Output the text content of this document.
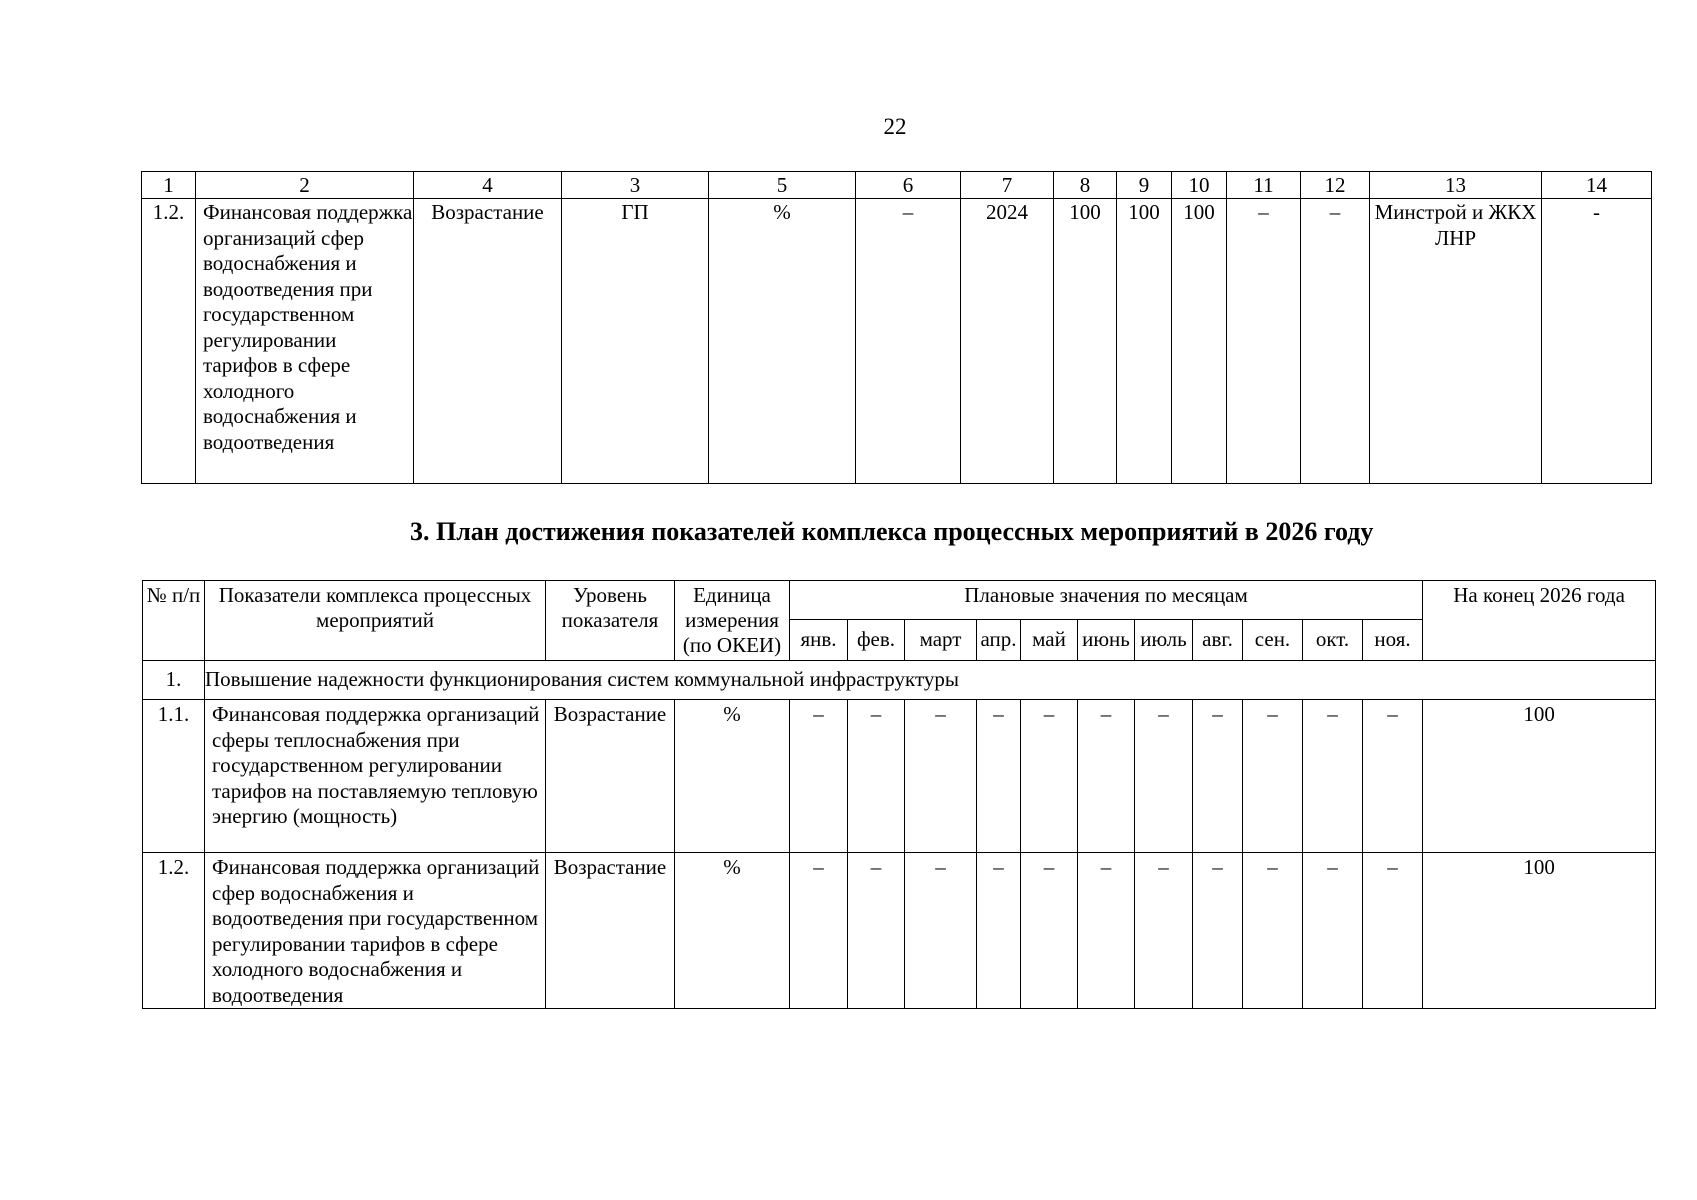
22
1	2	4	3	5	6	7	8	9	10	11	12	13	14
1.2.	Финансовая поддержка организаций сфер водоснабжения и водоотведения при государственном регулировании тарифов в сфере холодного водоснабжения и водоотведения	Возрастание	ГП	%	–	2024	100	100	100	–	–	Минстрой и ЖКХ ЛНР	-
3. План достижения показателей комплекса процессных мероприятий в 2026 году
№ п/п	Показатели комплекса процессных мероприятий	Уровень показателя	Единица измерения (по ОКЕИ)	Плановые значения по месяцам											На конец 2026 года
				янв.	фев.	март	апр.	май	июнь	июль	авг.	сен.	окт.	ноя.	
1.	Повышение надежности функционирования систем коммунальной инфраструктуры														
1.1.	Финансовая поддержка организаций сферы теплоснабжения при государственном регулировании тарифов на поставляемую тепловую энергию (мощность)	Возрастание	%	–	–	–	–	–	–	–	–	–	–	–	100
1.2.	Финансовая поддержка организаций сфер водоснабжения и водоотведения при государственном регулировании тарифов в сфере холодного водоснабжения и водоотведения	Возрастание	%	–	–	–	–	–	–	–	–	–	–	–	100
